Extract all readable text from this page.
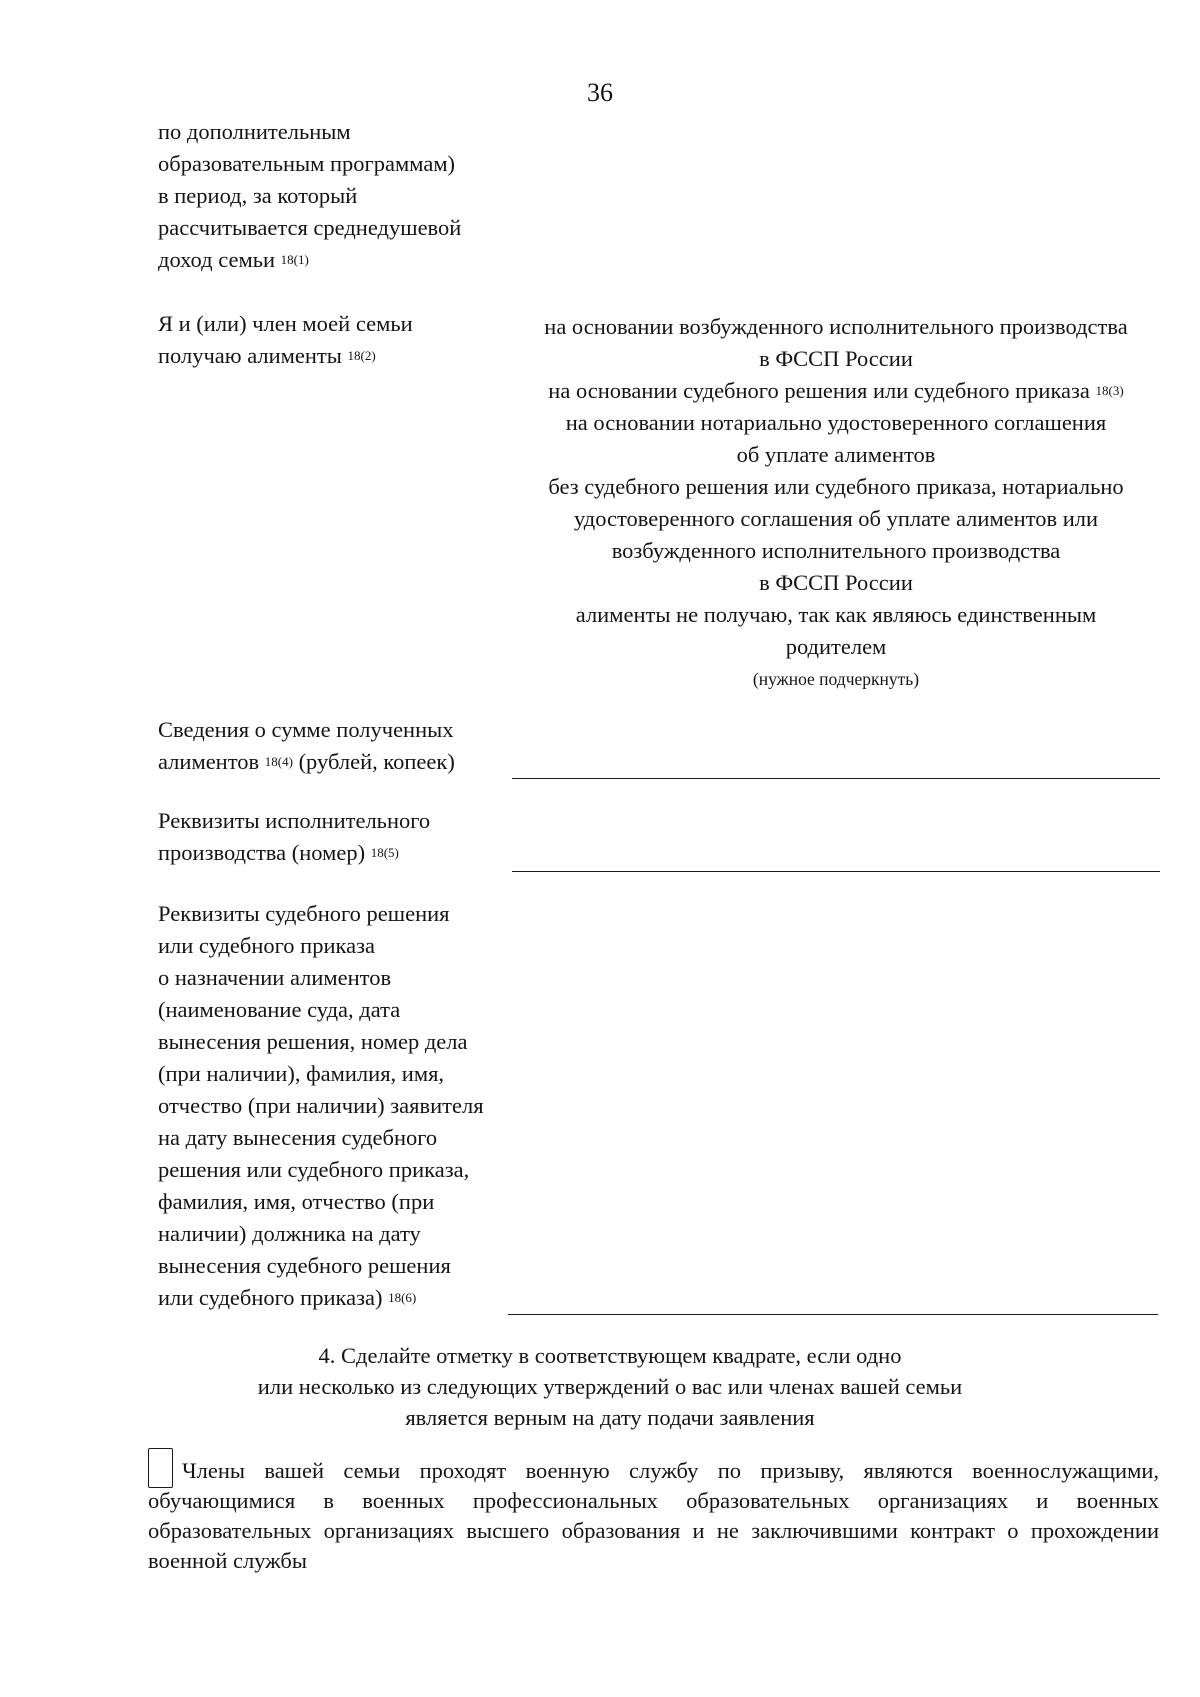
36
по дополнительным
образовательным программам)
в период, за который
рассчитывается среднедушевой
доход семьи $^{18(1)}$
Я и (или) член моей семьи
получаю алименты $^{18(2)}$
на основании возбужденного исполнительного производства
в ФССП России
на основании судебного решения или судебного приказа $^{18(3)}$
на основании нотариально удостоверенного соглашения
об уплате алиментов
без судебного решения или судебного приказа, нотариально
удостоверенного соглашения об уплате алиментов или
возбужденного исполнительного производства
в ФССП России
алименты не получаю, так как являюсь единственным
родителем
(нужное подчеркнуть)
Сведения о сумме полученных
алиментов $^{18(4)}$ (рублей, копеек)
Реквизиты исполнительного
производства (номер) $^{18(5)}$
Реквизиты судебного решения
или судебного приказа
о назначении алиментов
(наименование суда, дата
вынесения решения, номер дела
(при наличии), фамилия, имя,
отчество (при наличии) заявителя
на дату вынесения судебного
решения или судебного приказа,
фамилия, имя, отчество (при
наличии) должника на дату
вынесения судебного решения
или судебного приказа) $^{18(6)}$
4. Сделайте отметку в соответствующем квадрате, если одно
или несколько из следующих утверждений о вас или членах вашей семьи
является верным на дату подачи заявления
Члены вашей семьи проходят военную службу по призыву, являются военнослужащими, обучающимися в военных профессиональных образовательных организациях и военных образовательных организациях высшего образования и не заключившими контракт о прохождении военной службы
